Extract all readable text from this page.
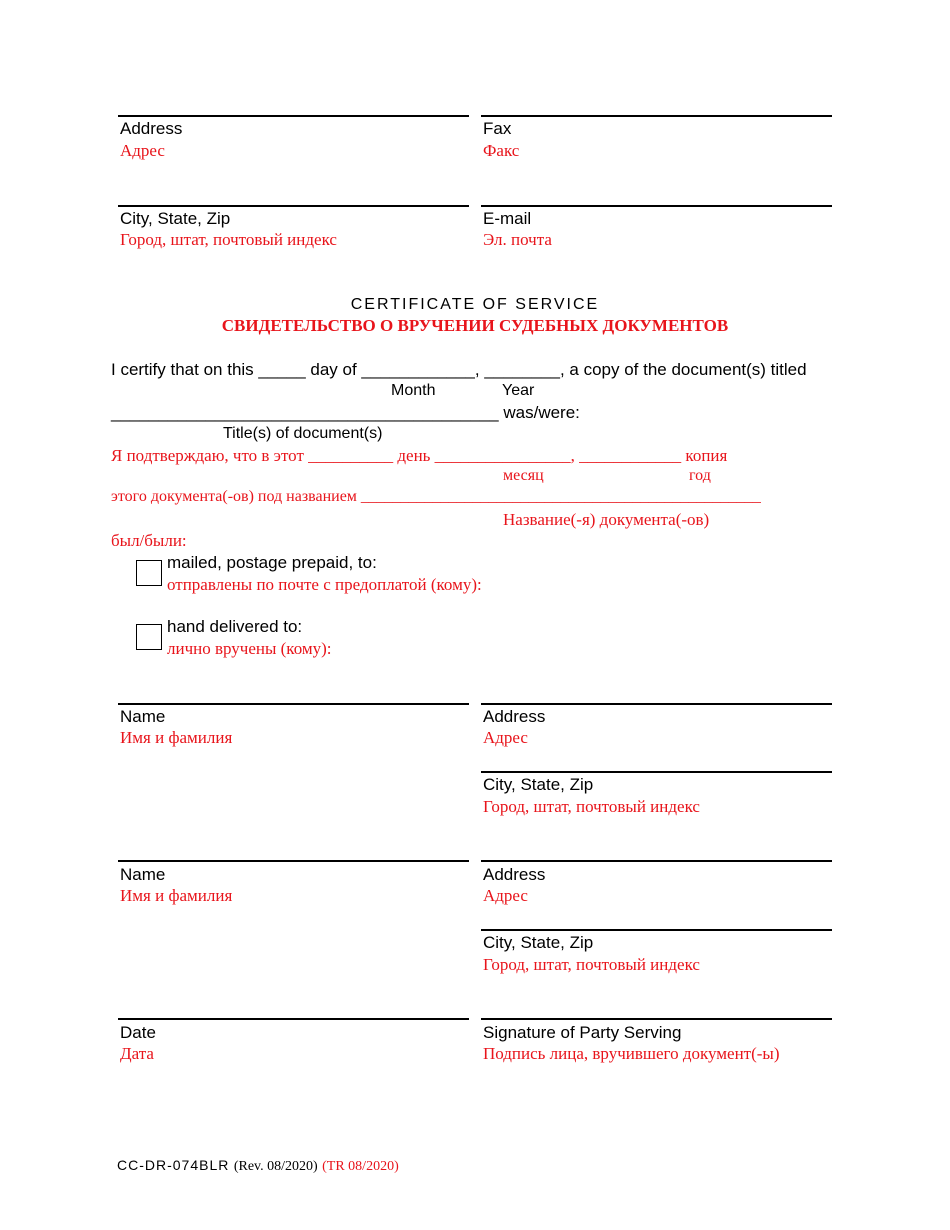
Address
Адрес
Fax
Факс
City, State, Zip
Город, штат, почтовый индекс
E-mail
Эл. почта
CERTIFICATE OF SERVICE
СВИДЕТЕЛЬСТВО О ВРУЧЕНИИ СУДЕБНЫХ ДОКУМЕНТОВ
I certify that on this _____ day of ____________, ________, a copy of the document(s) titled
Month	Year
_________________________________________ was/were:
Title(s) of document(s)
Я подтверждаю, что в этот __________ день ________________, ____________ копия
месяц	год
этого документа(-ов) под названием __________________________________________________
Название(-я) документа(-ов)
был/были:
mailed, postage prepaid, to:
отправлены по почте с предоплатой (кому):
hand delivered to:
лично вручены (кому):
Name
Имя и фамилия
Address
Адрес
City, State, Zip
Город, штат, почтовый индекс
Name
Имя и фамилия
Address
Адрес
City, State, Zip
Город, штат, почтовый индекс
Date
Дата
Signature of Party Serving
Подпись лица, вручившего документ(-ы)
CC-DR-074BLR (Rev. 08/2020) (TR 08/2020)
